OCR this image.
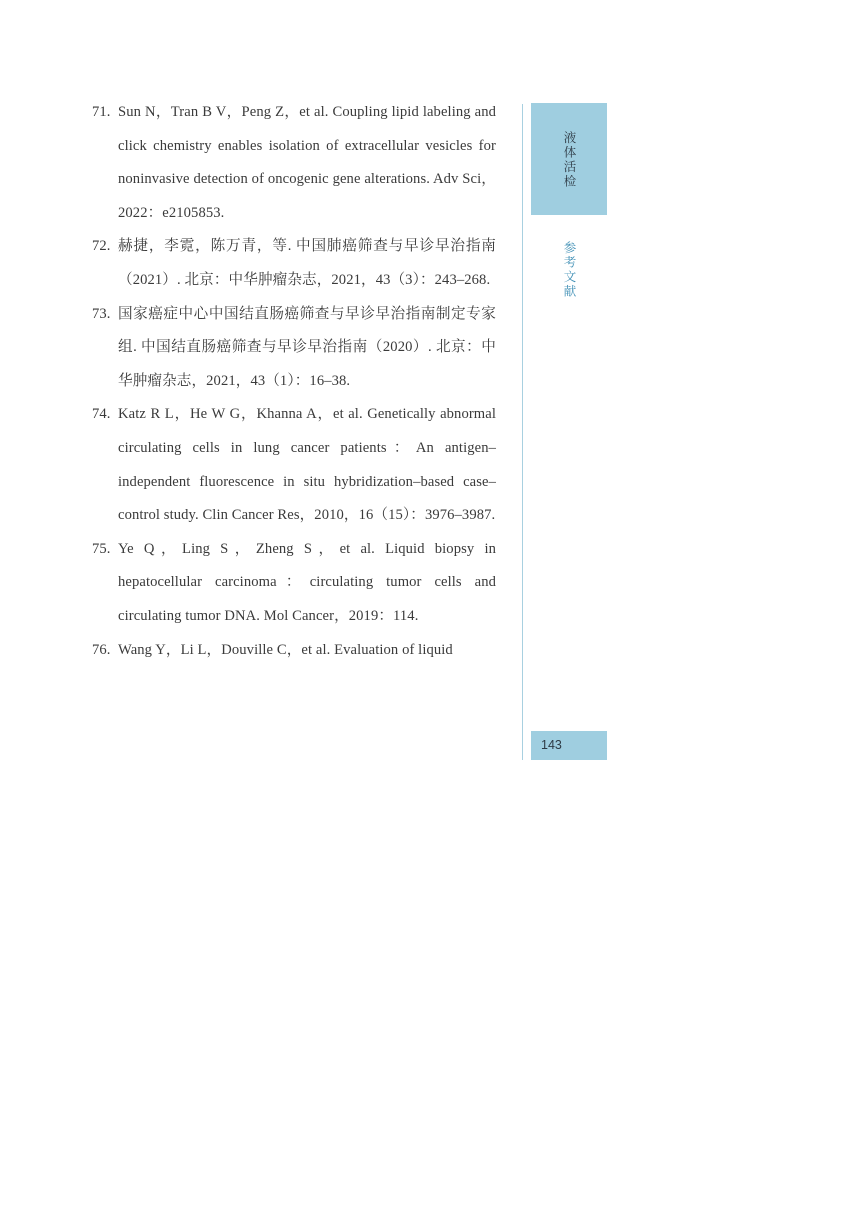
71. Sun N，Tran B V，Peng Z，et al. Coupling lipid labeling and click chemistry enables isolation of extracellular vesicles for noninvasive detection of oncogenic gene alterations. Adv Sci，2022：e2105853.
72. 赫捷，李霓，陈万青，等. 中国肺癌筛查与早诊早治指南（2021）. 北京：中华肿瘤杂志，2021，43（3）：243–268.
73. 国家癌症中心中国结直肠癌筛查与早诊早治指南制定专家组. 中国结直肠癌筛查与早诊早治指南（2020）. 北京：中华肿瘤杂志，2021，43（1）：16–38.
74. Katz R L，He W G，Khanna A，et al. Genetically abnormal circulating cells in lung cancer patients：An antigen–independent fluorescence in situ hybridization–based case–control study. Clin Cancer Res，2010，16（15）：3976–3987.
75. Ye Q，Ling S，Zheng S，et al. Liquid biopsy in hepatocellular carcinoma：circulating tumor cells and circulating tumor DNA. Mol Cancer，2019：114.
76. Wang Y，Li L，Douville C，et al. Evaluation of liquid
液体活检
参考文献
143
